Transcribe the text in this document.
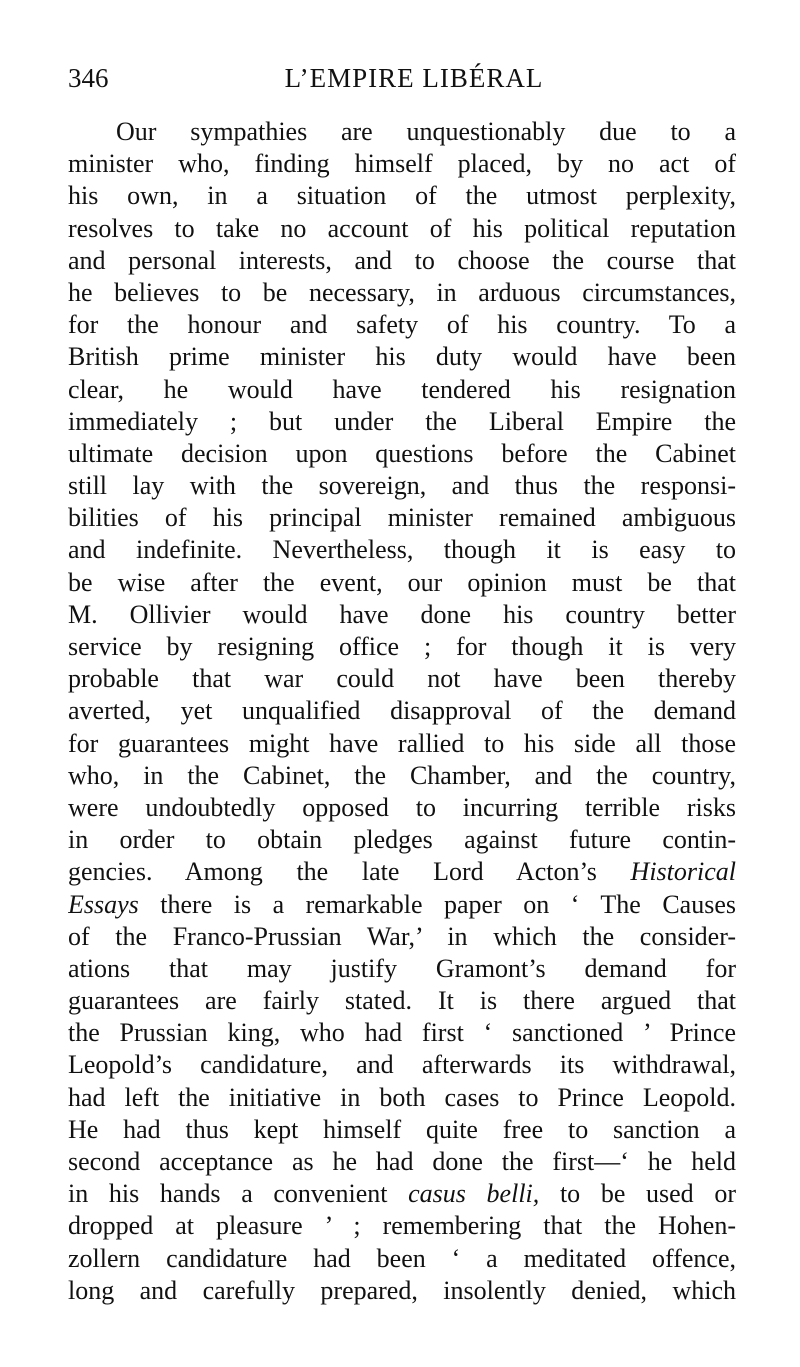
346	L’EMPIRE LIBÉRAL
Our sympathies are unquestionably due to a
minister who, finding himself placed, by no act of
his own, in a situation of the utmost perplexity,
resolves to take no account of his political reputation
and personal interests, and to choose the course that
he believes to be necessary, in arduous circumstances,
for the honour and safety of his country. To a
British prime minister his duty would have been
clear, he would have tendered his resignation
immediately ; but under the Liberal Empire the
ultimate decision upon questions before the Cabinet
still lay with the sovereign, and thus the responsi-
bilities of his principal minister remained ambiguous
and indefinite. Nevertheless, though it is easy to
be wise after the event, our opinion must be that
M. Ollivier would have done his country better
service by resigning office ; for though it is very
probable that war could not have been thereby
averted, yet unqualified disapproval of the demand
for guarantees might have rallied to his side all those
who, in the Cabinet, the Chamber, and the country,
were undoubtedly opposed to incurring terrible risks
in order to obtain pledges against future contin-
gencies. Among the late Lord Acton’s Historical
Essays there is a remarkable paper on ‘ The Causes
of the Franco-Prussian War,’ in which the consider-
ations that may justify Gramont’s demand for
guarantees are fairly stated. It is there argued that
the Prussian king, who had first ‘ sanctioned ’ Prince
Leopold’s candidature, and afterwards its withdrawal,
had left the initiative in both cases to Prince Leopold.
He had thus kept himself quite free to sanction a
second acceptance as he had done the first—‘ he held
in his hands a convenient casus belli, to be used or
dropped at pleasure ’ ; remembering that the Hohen-
zollern candidature had been ‘ a meditated offence,
long and carefully prepared, insolently denied, which
